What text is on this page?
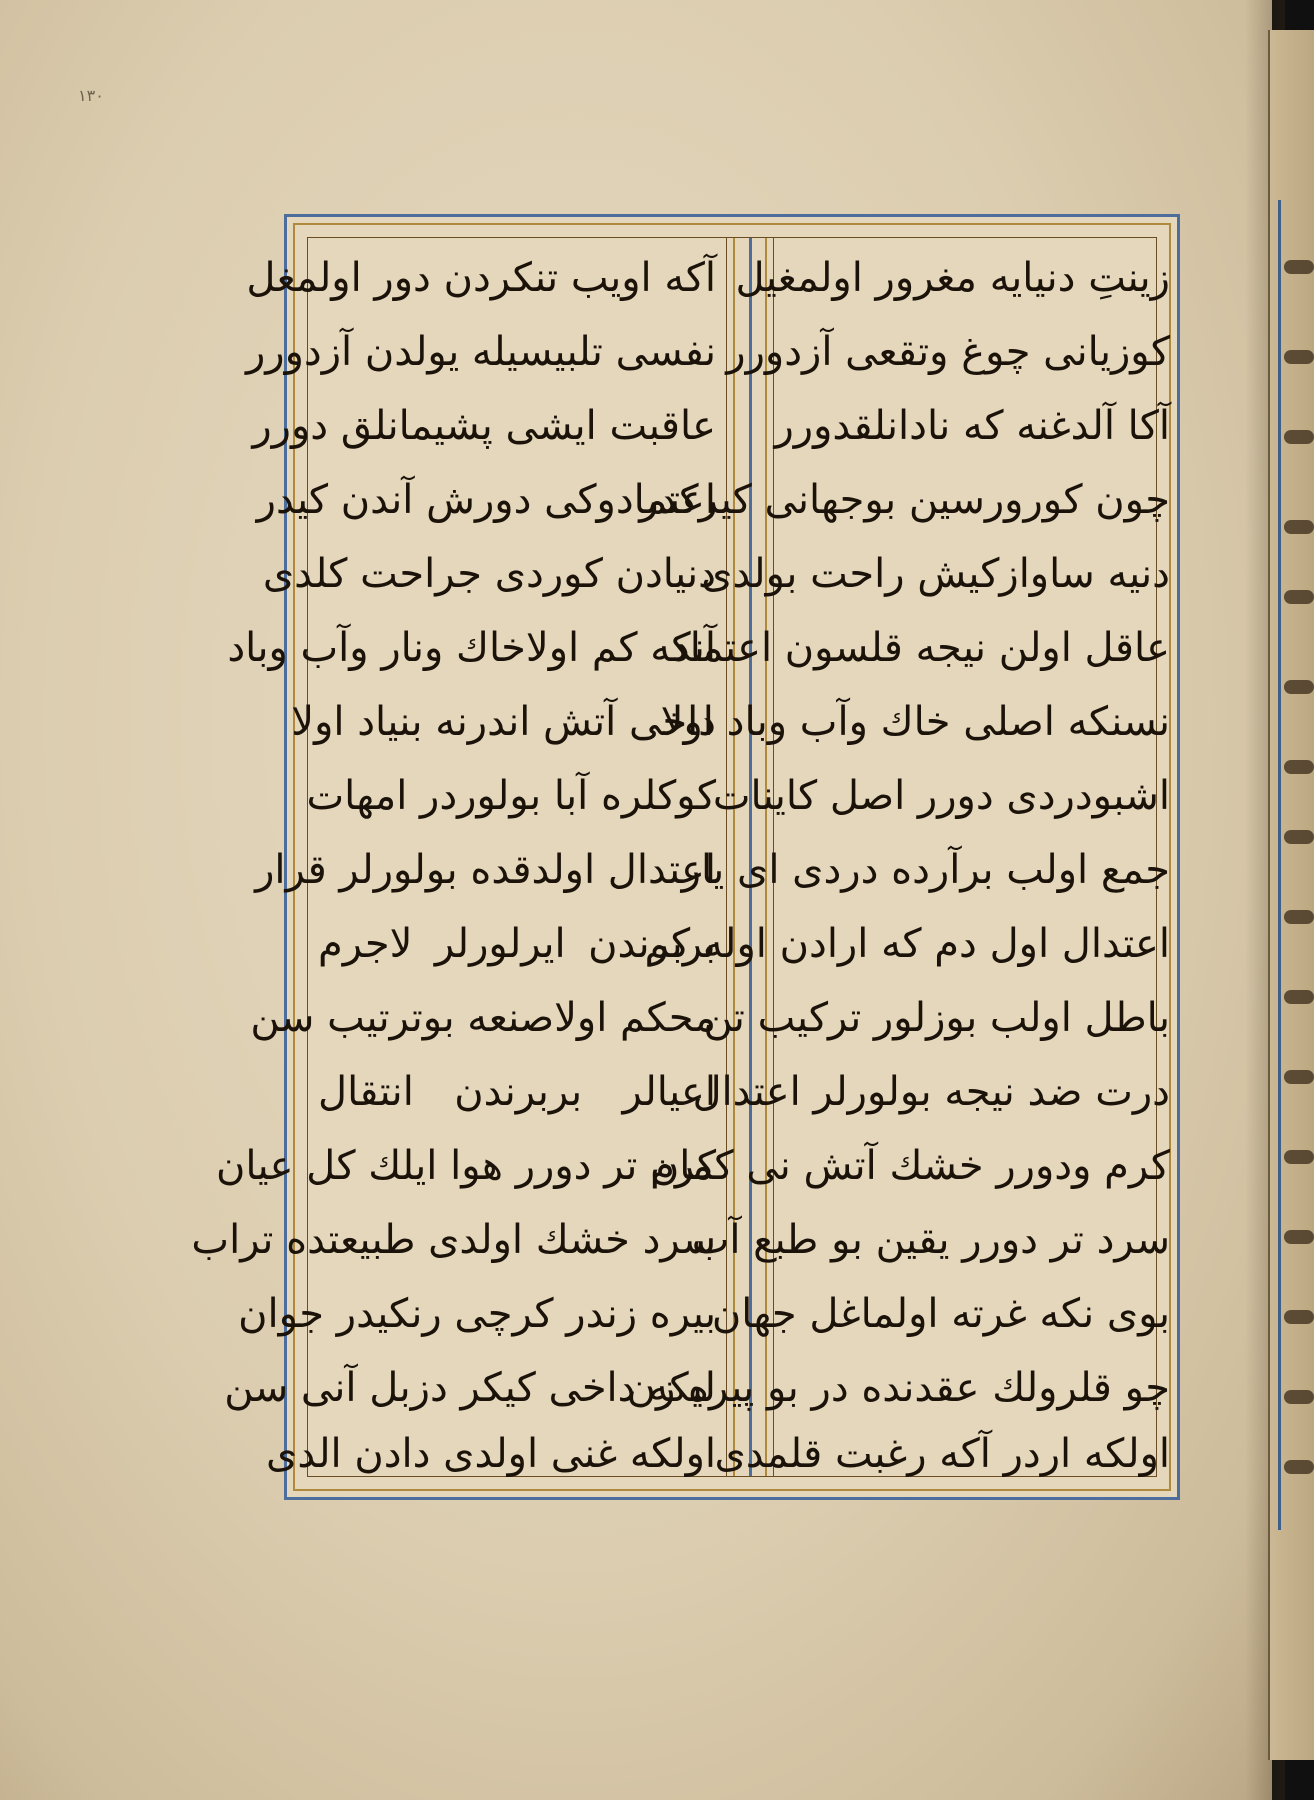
١٣٠
آكه اویب تنكردن دور اولمغل
نفسی تلبیسیله یولدن آزدورر
عاقبت ایشی پشیمانلق دورر
اعتمادوکی دورش آندن كیدر
دنیادن كوردی جراحت كلدی
آنكه كم اولاخاك ونار وآب وباد
داخی آتش اندرنه بنیاد اولا
كوکلره آبا بولوردر امهات
اعتدال اولدقده بولورلر قرار
بربرندن ایرلورلر لاجرم
محكم اولاصنعه بوترتیب سن
اعیالر بربرندن انتقال
كرم تر دورر هوا ایلك كل عیان
سرد خشك اولدی طبیعتده تراب
بیره زندر كرچی رنكیدر جوان
لیكه داخی كیکر دزبل آنی سن
اولكه غنی اولدی دادن الدی
زینتِ دنیایه مغرور اولمغیل
كوزیانی چوغ وتقعی آزدورر
آكا آلدغنه كه نادانلقدورر
چون كورورسین بوجهانی كیرکدر
دنیه ساوازکیش راحت بولدی
عاقل اولن نیجه قلسون اعتماد
نسنكه اصلی خاك وآب وباد اولا
اشبودردی دورر اصل كاینات
جمع اولب برآرده دردی ای یار
اعتدال اول دم كه ارادن اوله كم
باطل اولب بوزلور تركیب تن
درت ضد نیجه بولورلر اعتدال
كرم ودورر خشك آتش نی كمان
سرد تر دورر یقین بو طبع آب
بوی نکه غرته اولماغل جهان
چو قلرولك عقدنده در بو پیره زن
اولكه اردر آكه رغبت قلمدی
